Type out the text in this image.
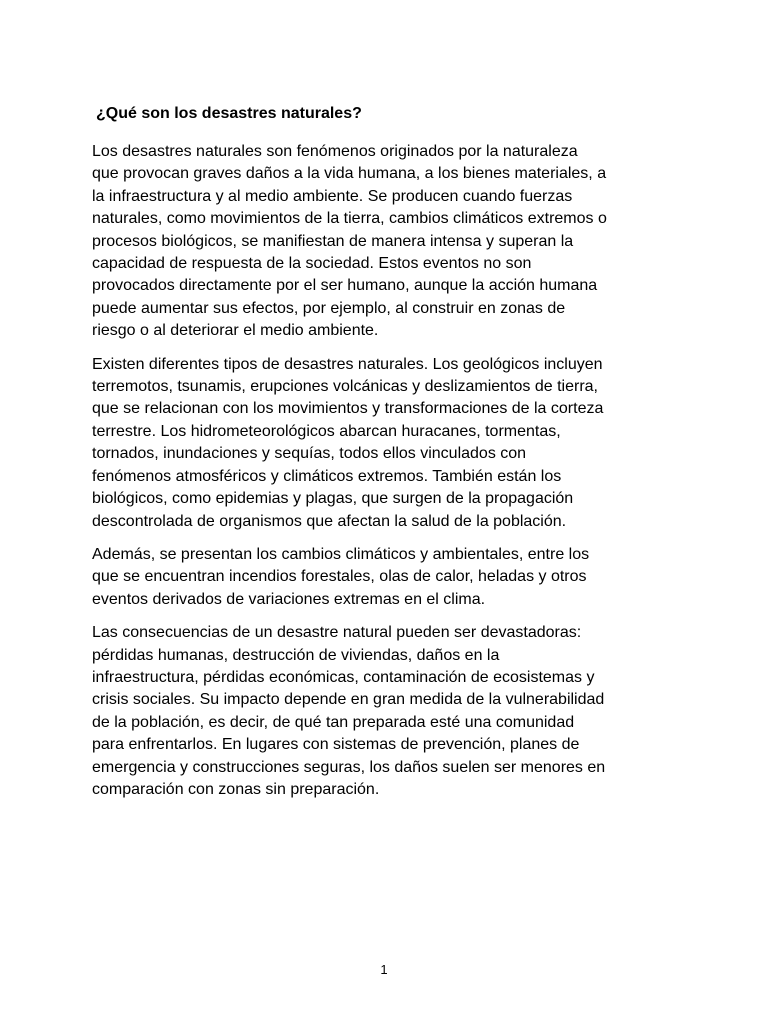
¿Qué son los desastres naturales?

Los desastres naturales son fenómenos originados por la naturaleza
que provocan graves daños a la vida humana, a los bienes materiales, a
la infraestructura y al medio ambiente. Se producen cuando fuerzas
naturales, como movimientos de la tierra, cambios climáticos extremos o
procesos biológicos, se manifiestan de manera intensa y superan la
capacidad de respuesta de la sociedad. Estos eventos no son
provocados directamente por el ser humano, aunque la acción humana
puede aumentar sus efectos, por ejemplo, al construir en zonas de
riesgo o al deteriorar el medio ambiente.

Existen diferentes tipos de desastres naturales. Los geológicos incluyen
terremotos, tsunamis, erupciones volcánicas y deslizamientos de tierra,
que se relacionan con los movimientos y transformaciones de la corteza
terrestre. Los hidrometeorológicos abarcan huracanes, tormentas,
tornados, inundaciones y sequías, todos ellos vinculados con
fenómenos atmosféricos y climáticos extremos. También están los
biológicos, como epidemias y plagas, que surgen de la propagación
descontrolada de organismos que afectan la salud de la población.

Además, se presentan los cambios climáticos y ambientales, entre los
que se encuentran incendios forestales, olas de calor, heladas y otros
eventos derivados de variaciones extremas en el clima.

Las consecuencias de un desastre natural pueden ser devastadoras:
pérdidas humanas, destrucción de viviendas, daños en la
infraestructura, pérdidas económicas, contaminación de ecosistemas y
crisis sociales. Su impacto depende en gran medida de la vulnerabilidad
de la población, es decir, de qué tan preparada esté una comunidad
para enfrentarlos. En lugares con sistemas de prevención, planes de
emergencia y construcciones seguras, los daños suelen ser menores en
comparación con zonas sin preparación.

1
